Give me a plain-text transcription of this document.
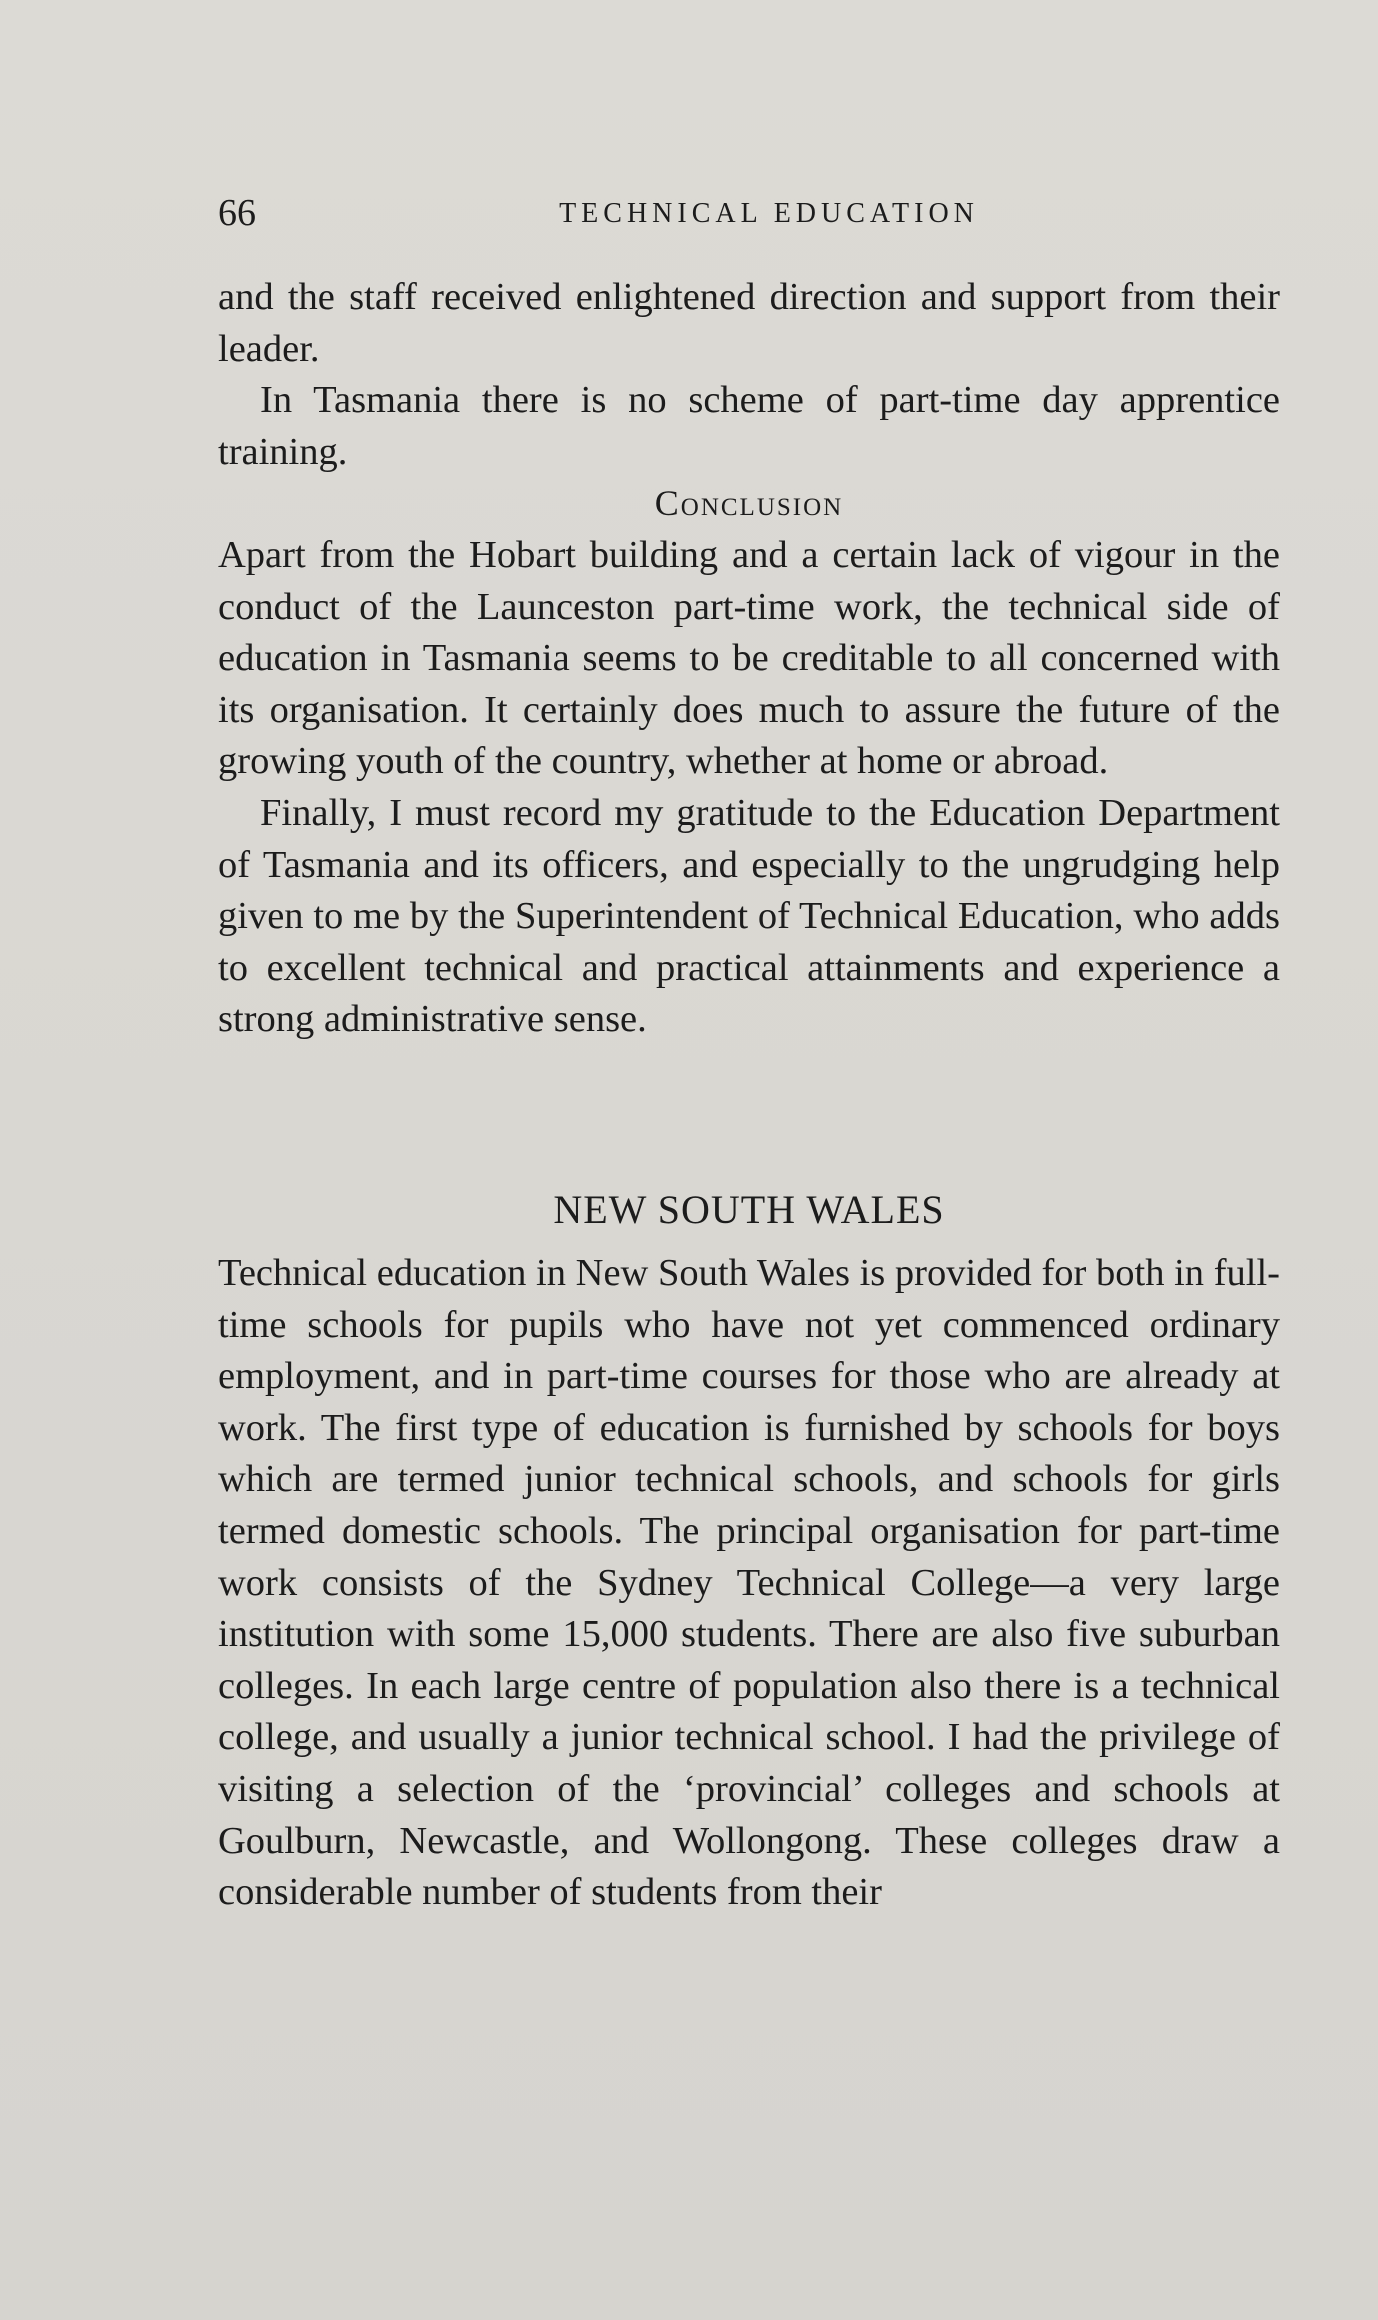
66	TECHNICAL EDUCATION

and the staff received enlightened direction and support from their leader.

In Tasmania there is no scheme of part-time day apprentice training.

Conclusion

Apart from the Hobart building and a certain lack of vigour in the conduct of the Launceston part-time work, the technical side of education in Tasmania seems to be creditable to all concerned with its organisation. It certainly does much to assure the future of the growing youth of the country, whether at home or abroad.

Finally, I must record my gratitude to the Education Department of Tasmania and its officers, and especially to the ungrudging help given to me by the Superintendent of Technical Education, who adds to excellent technical and practical attainments and experience a strong administrative sense.

NEW SOUTH WALES

Technical education in New South Wales is provided for both in full-time schools for pupils who have not yet commenced ordinary employment, and in part-time courses for those who are already at work. The first type of education is furnished by schools for boys which are termed junior technical schools, and schools for girls termed domestic schools. The principal organisation for part-time work consists of the Sydney Technical College—a very large institution with some 15,000 students. There are also five suburban colleges. In each large centre of population also there is a technical college, and usually a junior technical school. I had the privilege of visiting a selection of the ‘provincial’ colleges and schools at Goulburn, Newcastle, and Wollongong. These colleges draw a considerable number of students from their
